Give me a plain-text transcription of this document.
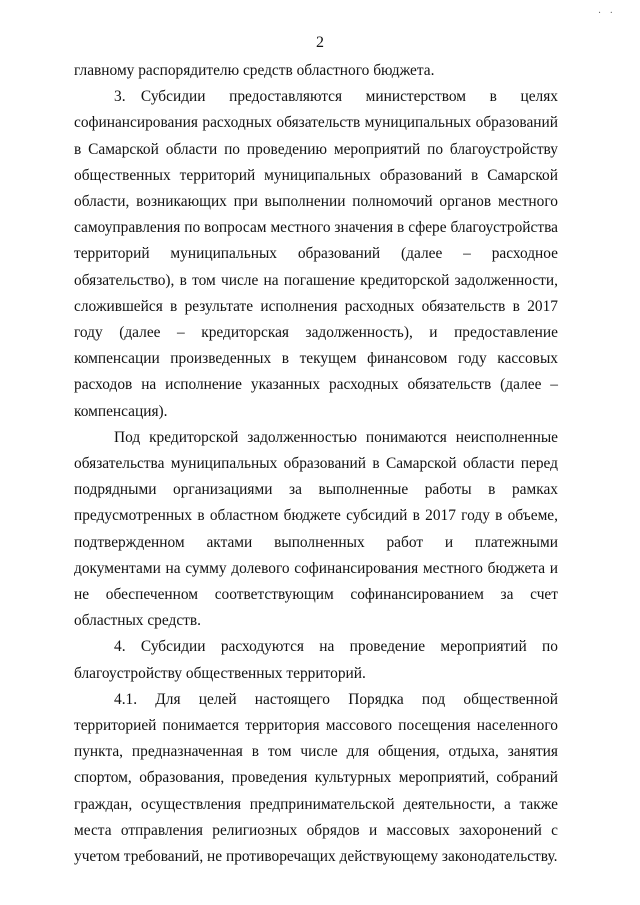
· ·
2

главному распорядителю средств областного бюджета.

3. Субсидии предоставляются министерством в целях софинансирования расходных обязательств муниципальных образований в Самарской области по проведению мероприятий по благоустройству общественных территорий муниципальных образований в Самарской области, возникающих при выполнении полномочий органов местного самоуправления по вопросам местного значения в сфере благоустройства территорий муниципальных образований (далее – расходное обязательство), в том числе на погашение кредиторской задолженности, сложившейся в результате исполнения расходных обязательств в 2017 году (далее – кредиторская задолженность), и предоставление компенсации произведенных в текущем финансовом году кассовых расходов на исполнение указанных расходных обязательств (далее – компенсация).

Под кредиторской задолженностью понимаются неисполненные обязательства муниципальных образований в Самарской области перед подрядными организациями за выполненные работы в рамках предусмотренных в областном бюджете субсидий в 2017 году в объеме, подтвержденном актами выполненных работ и платежными документами на сумму долевого софинансирования местного бюджета и не обеспеченном соответствующим софинансированием за счет областных средств.

4. Субсидии расходуются на проведение мероприятий по благоустройству общественных территорий.

4.1. Для целей настоящего Порядка под общественной территорией понимается территория массового посещения населенного пункта, предназначенная в том числе для общения, отдыха, занятия спортом, образования, проведения культурных мероприятий, собраний граждан, осуществления предпринимательской деятельности, а также места отправления религиозных обрядов и массовых захоронений с учетом требований, не противоречащих действующему законодательству.
